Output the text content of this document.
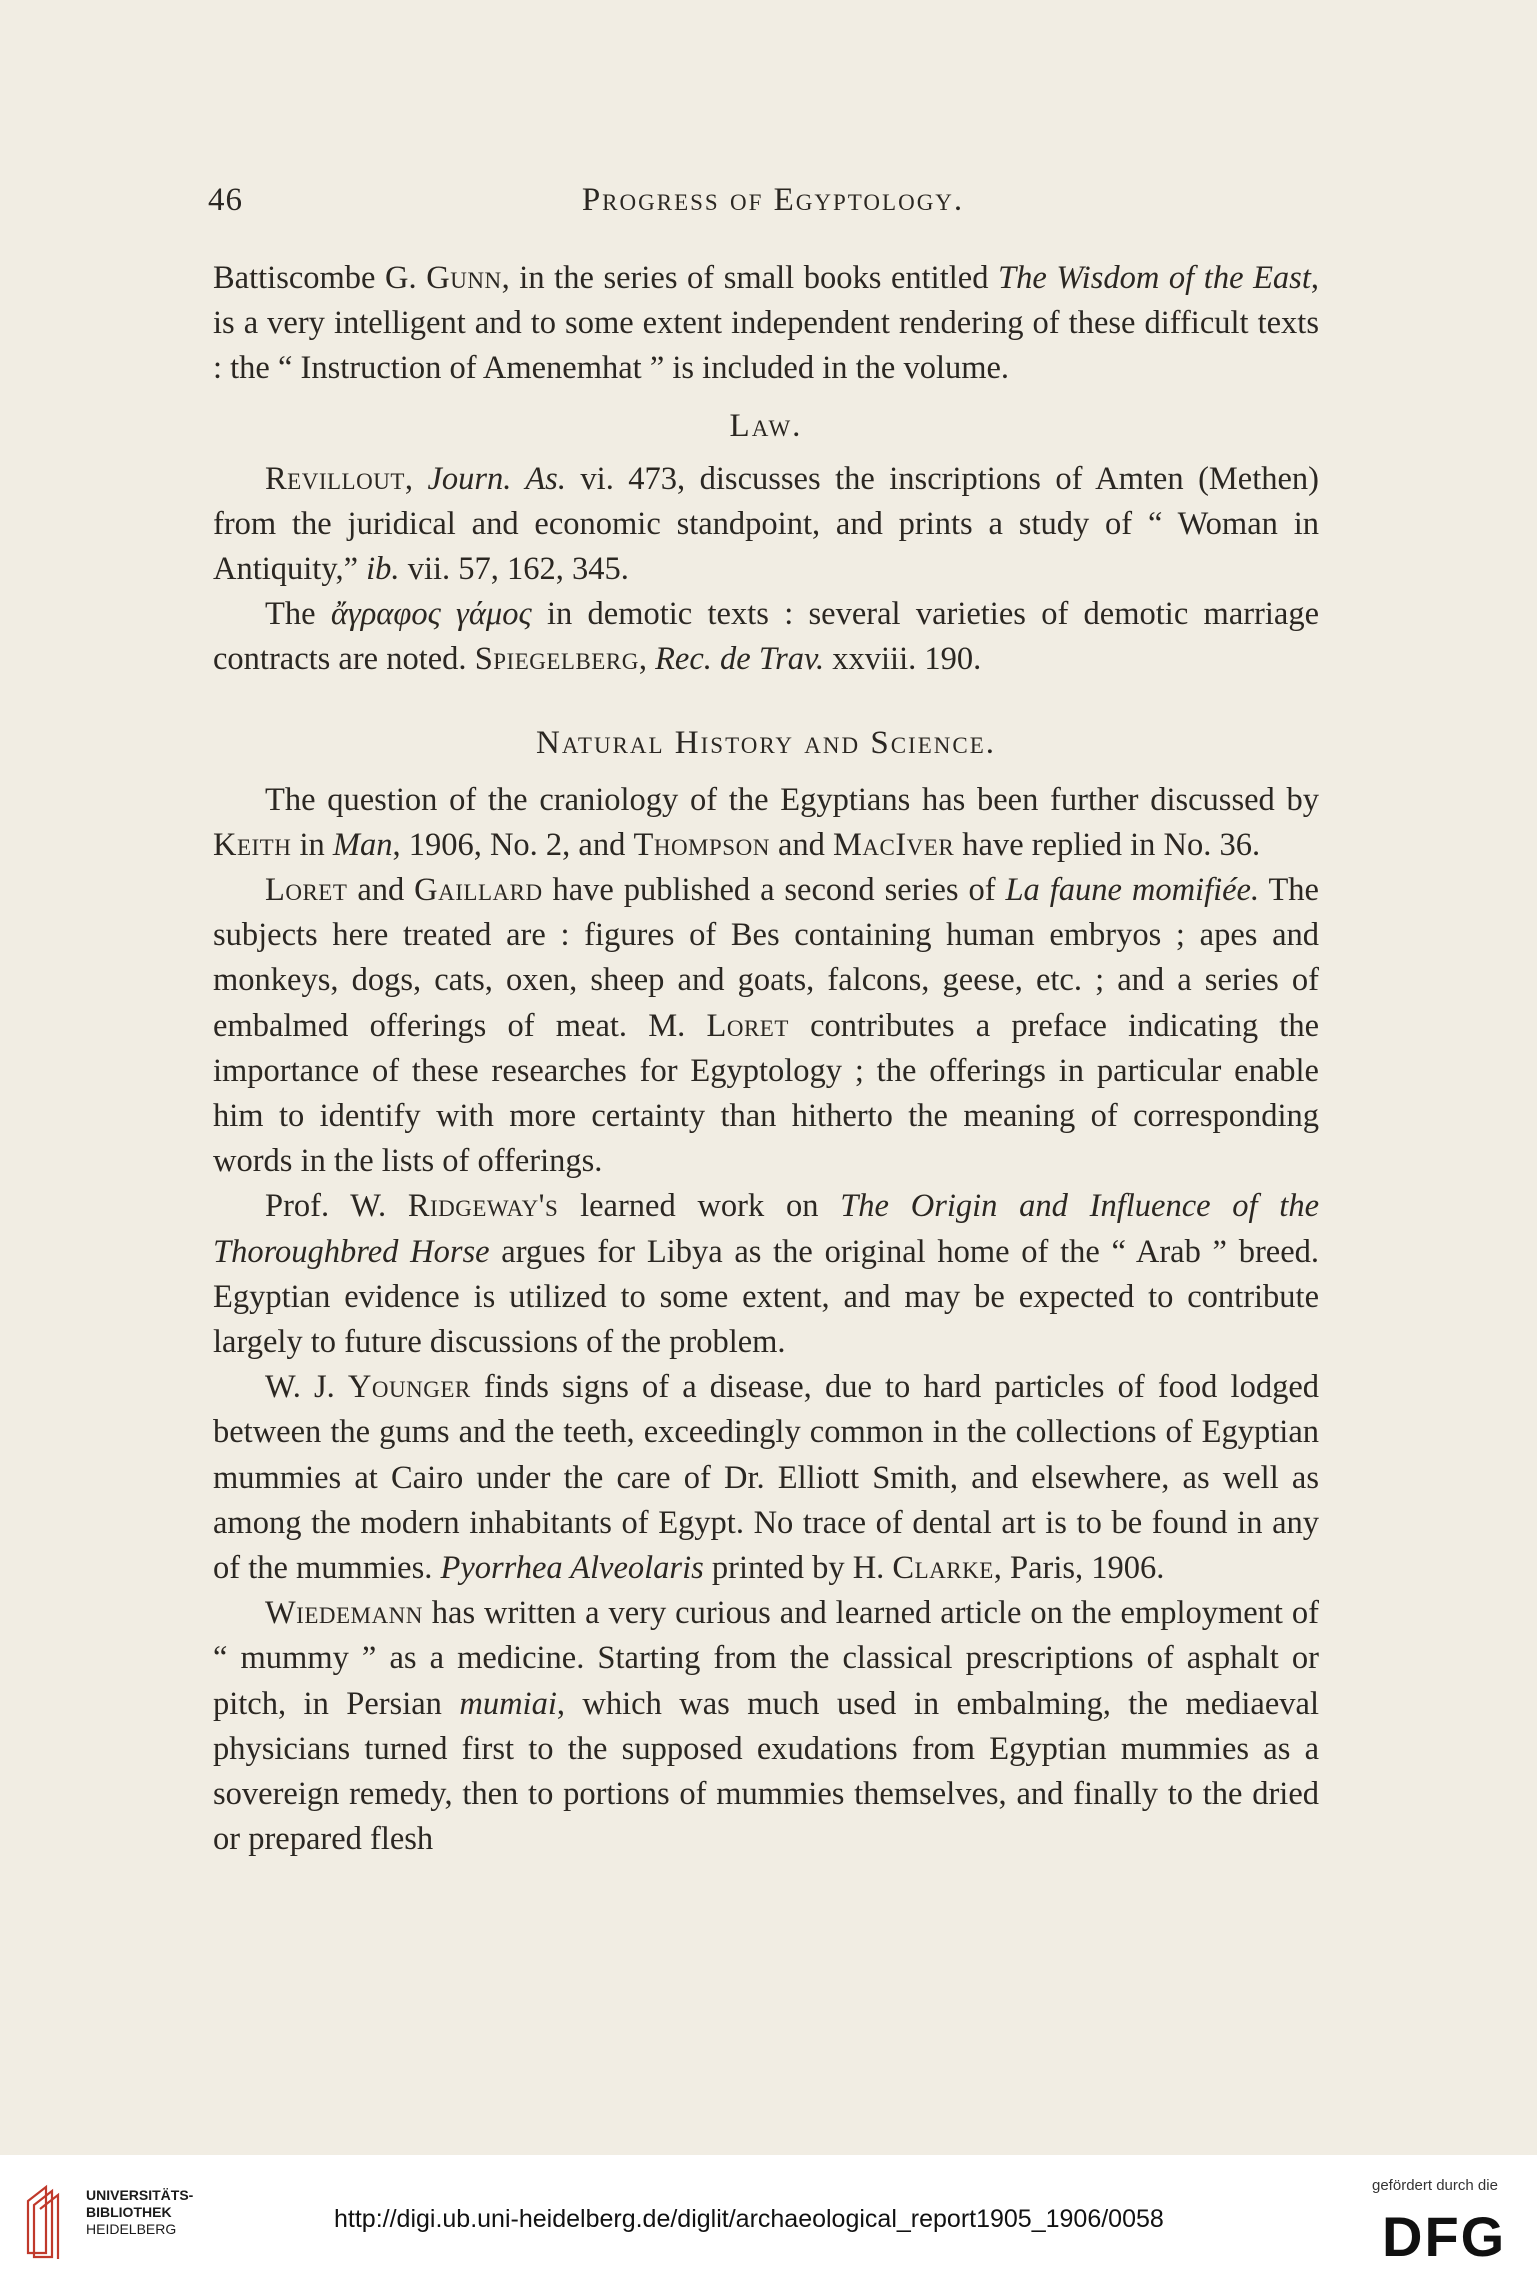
46	Progress of Egyptology.

Battiscombe G. Gunn, in the series of small books entitled The Wisdom of the East, is a very intelligent and to some extent independent rendering of these difficult texts : the “ Instruction of Amenemhat ” is included in the volume.

Law.

Revillout, Journ. As. vi. 473, discusses the inscriptions of Amten (Methen) from the juridical and economic standpoint, and prints a study of “ Woman in Antiquity,” ib. vii. 57, 162, 345.

The ἄγραφος γάμος in demotic texts : several varieties of demotic marriage contracts are noted. Spiegelberg, Rec. de Trav. xxviii. 190.

Natural History and Science.

The question of the craniology of the Egyptians has been further discussed by Keith in Man, 1906, No. 2, and Thompson and MacIver have replied in No. 36.

Loret and Gaillard have published a second series of La faune momifiée. The subjects here treated are : figures of Bes containing human embryos ; apes and monkeys, dogs, cats, oxen, sheep and goats, falcons, geese, etc. ; and a series of embalmed offerings of meat. M. Loret contributes a preface indicating the importance of these researches for Egyptology ; the offerings in particular enable him to identify with more certainty than hitherto the meaning of corresponding words in the lists of offerings.

Prof. W. Ridgeway's learned work on The Origin and Influence of the Thoroughbred Horse argues for Libya as the original home of the “ Arab ” breed. Egyptian evidence is utilized to some extent, and may be expected to contribute largely to future discussions of the problem.

W. J. Younger finds signs of a disease, due to hard particles of food lodged between the gums and the teeth, exceedingly common in the collections of Egyptian mummies at Cairo under the care of Dr. Elliott Smith, and elsewhere, as well as among the modern inhabitants of Egypt. No trace of dental art is to be found in any of the mummies. Pyorrhea Alveolaris printed by H. Clarke, Paris, 1906.

Wiedemann has written a very curious and learned article on the employment of “ mummy ” as a medicine. Starting from the classical prescriptions of asphalt or pitch, in Persian mumiai, which was much used in embalming, the mediaeval physicians turned first to the supposed exudations from Egyptian mummies as a sovereign remedy, then to portions of mummies themselves, and finally to the dried or prepared flesh

UNIVERSITÄTS-
BIBLIOTHEK
HEIDELBERG	http://digi.ub.uni-heidelberg.de/diglit/archaeological_report1905_1906/0058
gefördert durch die
DFG
